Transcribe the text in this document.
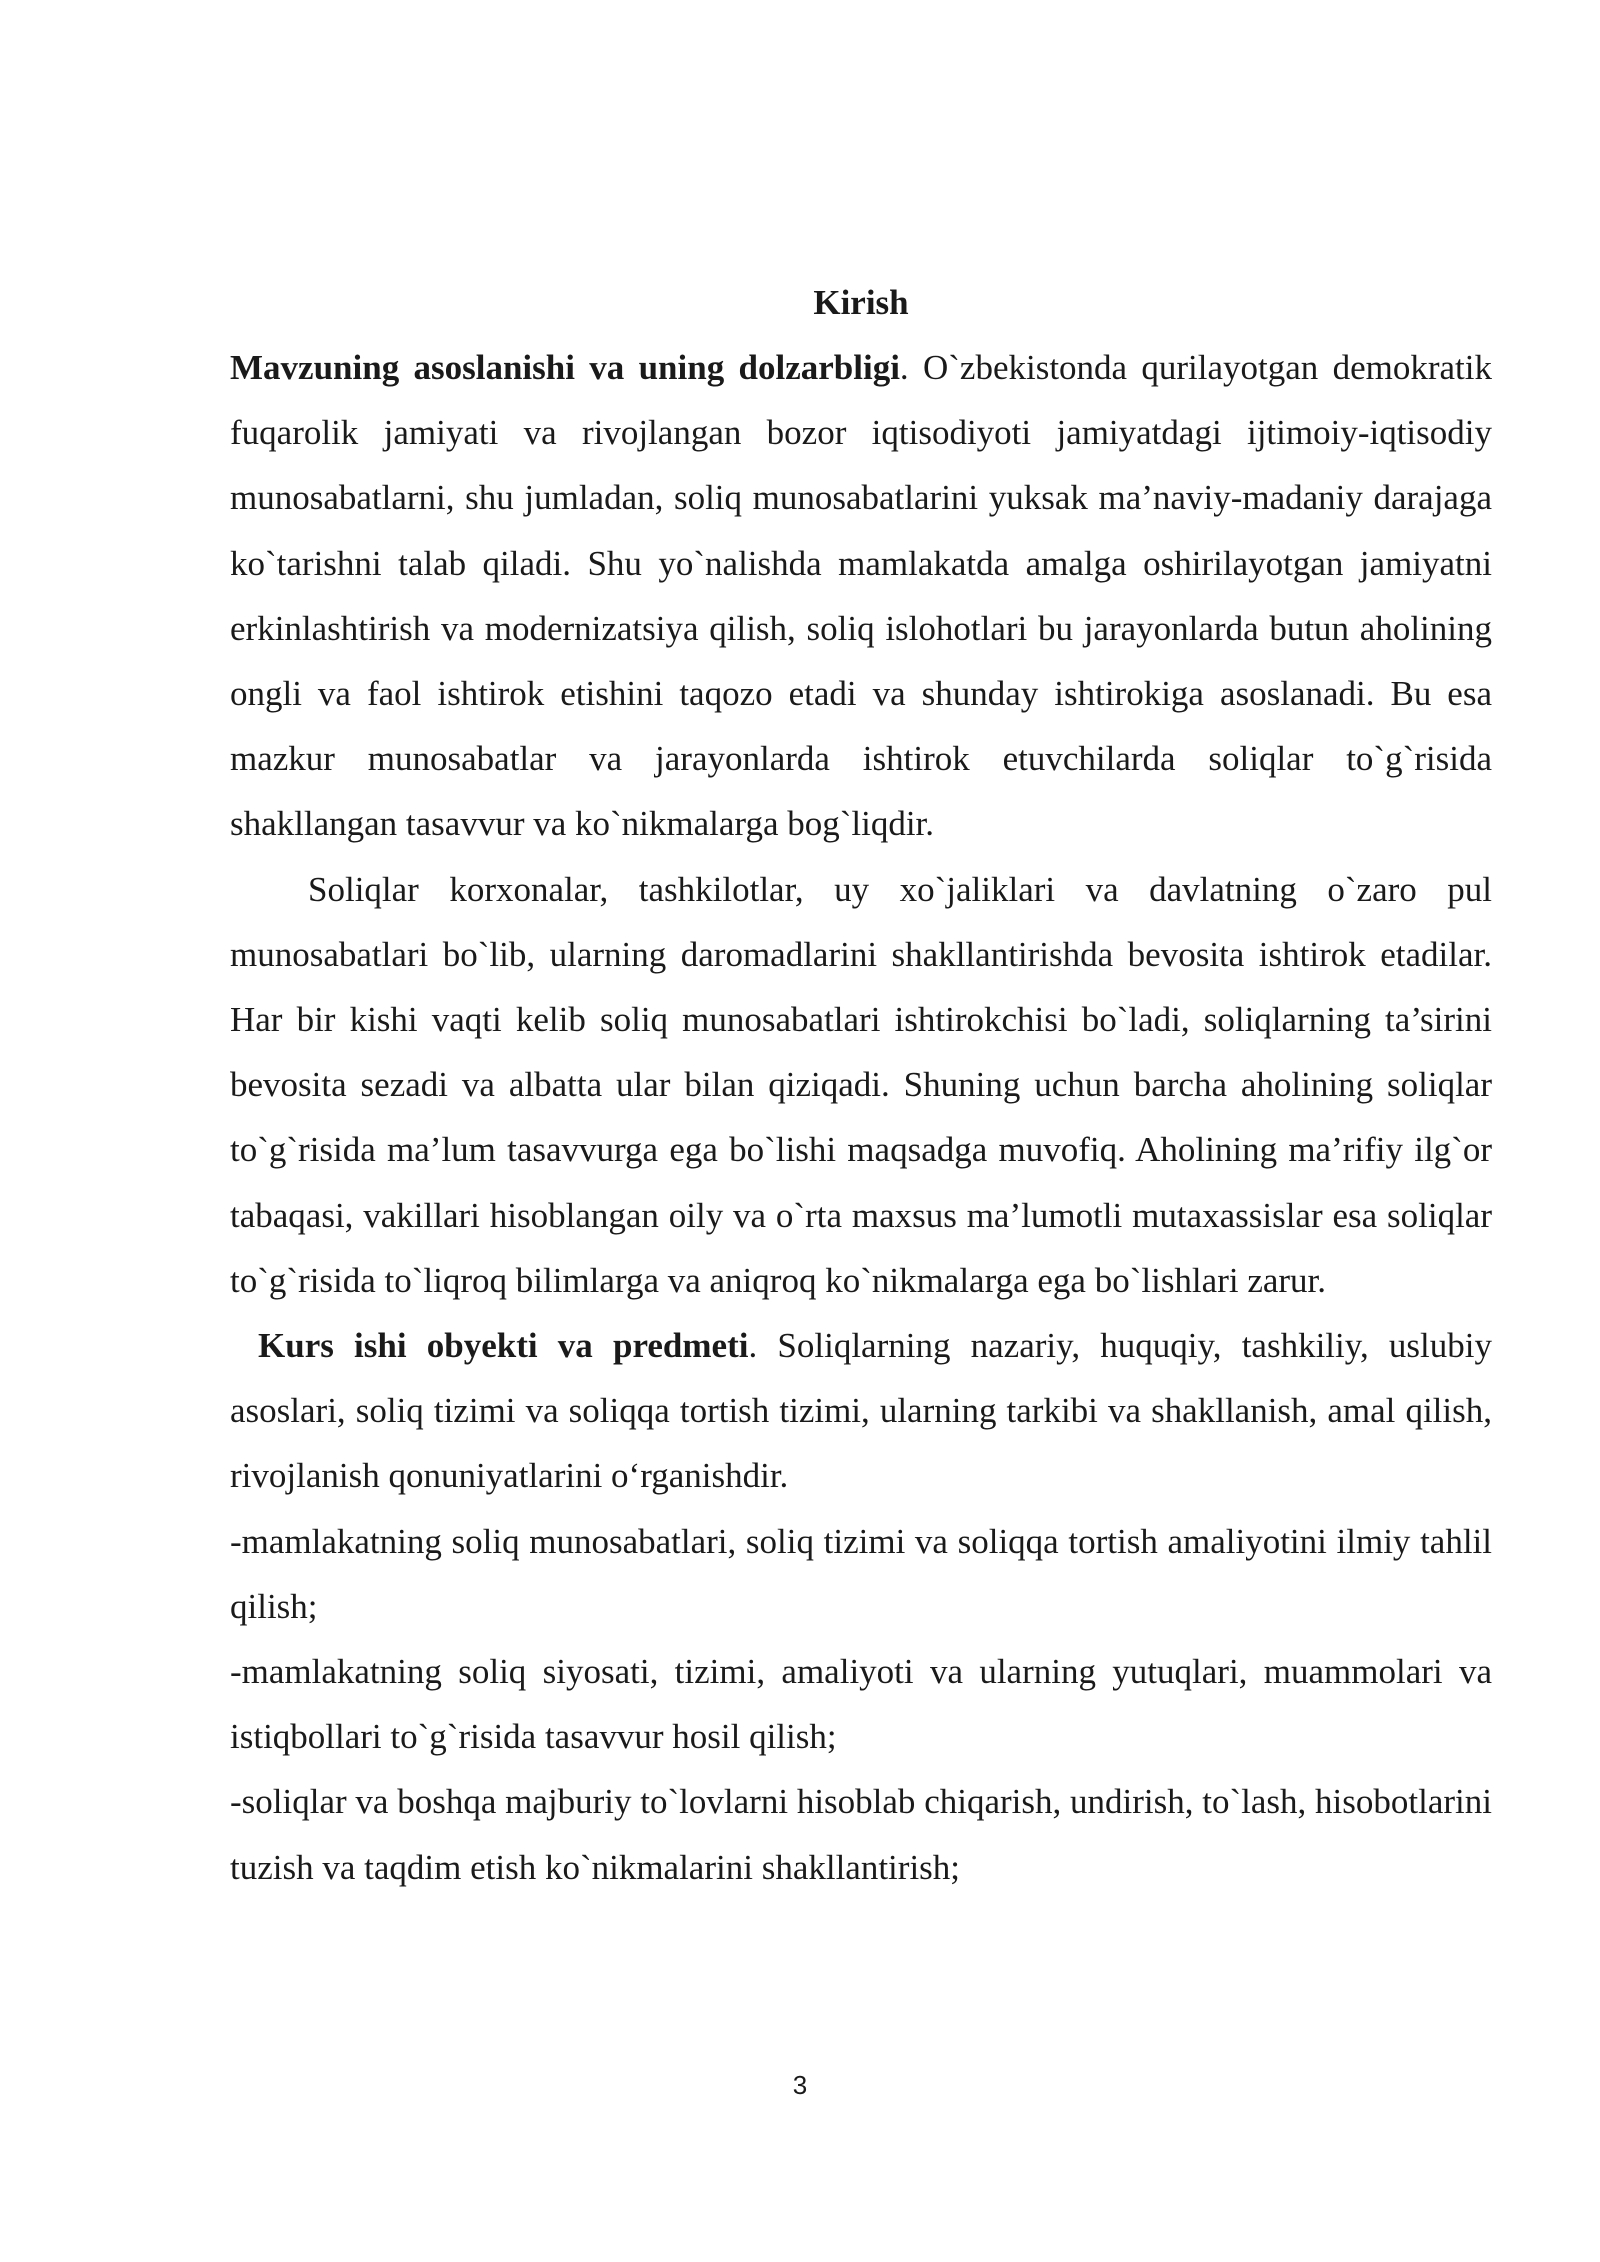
Kirish

Mavzuning asoslanishi va uning dolzarbligi. O`zbekistonda qurilayotgan demokratik fuqarolik jamiyati va rivojlangan bozor iqtisodiyoti jamiyatdagi ijtimoiy-iqtisodiy munosabatlarni, shu jumladan, soliq munosabatlarini yuksak ma’naviy-madaniy darajaga ko`tarishni talab qiladi. Shu yo`nalishda mamlakatda amalga oshirilayotgan jamiyatni erkinlashtirish va modernizatsiya qilish, soliq islohotlari bu jarayonlarda butun aholining ongli va faol ishtirok etishini taqozo etadi va shunday ishtirokiga asoslanadi. Bu esa mazkur munosabatlar va jarayonlarda ishtirok etuvchilarda soliqlar to`g`risida shakllangan tasavvur va ko`nikmalarga bog`liqdir.

Soliqlar korxonalar, tashkilotlar, uy xo`jaliklari va davlatning o`zaro pul munosabatlari bo`lib, ularning daromadlarini shakllantirishda bevosita ishtirok etadilar. Har bir kishi vaqti kelib soliq munosabatlari ishtirokchisi bo`ladi, soliqlarning ta’sirini bevosita sezadi va albatta ular bilan qiziqadi. Shuning uchun barcha aholining soliqlar to`g`risida ma’lum tasavvurga ega bo`lishi maqsadga muvofiq. Aholining ma’rifiy ilg`or tabaqasi, vakillari hisoblangan oily va o`rta maxsus ma’lumotli mutaxassislar esa soliqlar to`g`risida to`liqroq bilimlarga va aniqroq ko`nikmalarga ega bo`lishlari zarur.

Kurs ishi obyekti va predmeti. Soliqlarning nazariy, huquqiy, tashkiliy, uslubiy asoslari, soliq tizimi va soliqqa tortish tizimi, ularning tarkibi va shakllanish, amal qilish, rivojlanish qonuniyatlarini o‘rganishdir.

-mamlakatning soliq munosabatlari, soliq tizimi va soliqqa tortish amaliyotini ilmiy tahlil qilish;

-mamlakatning soliq siyosati, tizimi, amaliyoti va ularning yutuqlari, muammolari va istiqbollari to`g`risida tasavvur hosil qilish;

-soliqlar va boshqa majburiy to`lovlarni hisoblab chiqarish, undirish, to`lash, hisobotlarini tuzish va taqdim etish ko`nikmalarini shakllantirish;

3
